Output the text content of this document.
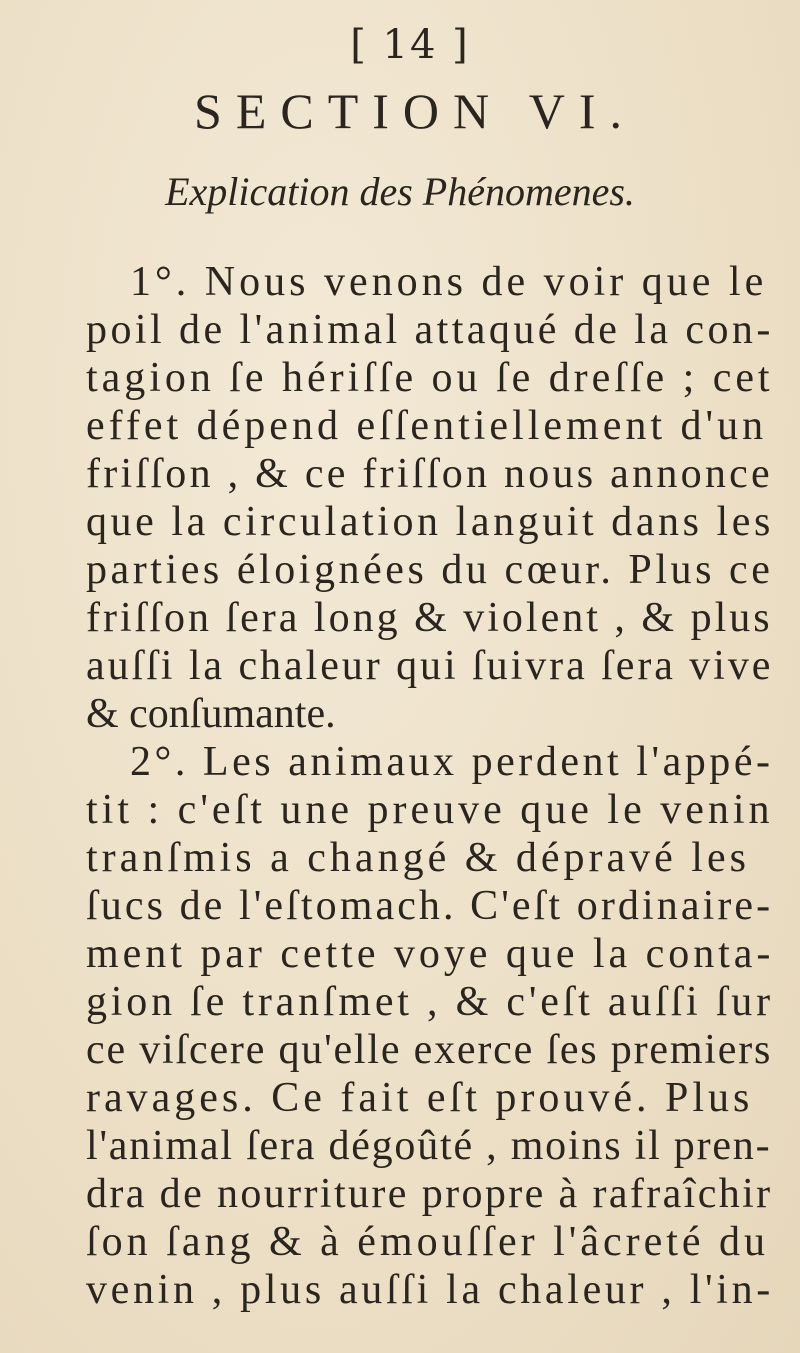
[ 14 ]
SECTION VI.
Explication des Phénomenes.
1°. Nous venons de voir que le
poil de l'animal attaqué de la con-
tagion ſe hériſſe ou ſe dreſſe ; cet
effet dépend eſſentiellement d'un
friſſon , & ce friſſon nous annonce
que la circulation languit dans les
parties éloignées du cœur. Plus ce
friſſon ſera long & violent , & plus
auſſi la chaleur qui ſuivra ſera vive
& conſumante.
2°. Les animaux perdent l'appé-
tit : c'eſt une preuve que le venin
tranſmis a changé & dépravé les
ſucs de l'eſtomach. C'eſt ordinaire-
ment par cette voye que la conta-
gion ſe tranſmet , & c'eſt auſſi ſur
ce viſcere qu'elle exerce ſes premiers
ravages. Ce fait eſt prouvé. Plus
l'animal ſera dégoûté , moins il pren-
dra de nourriture propre à rafraîchir
ſon ſang & à émouſſer l'âcreté du
venin , plus auſſi la chaleur , l'in-
